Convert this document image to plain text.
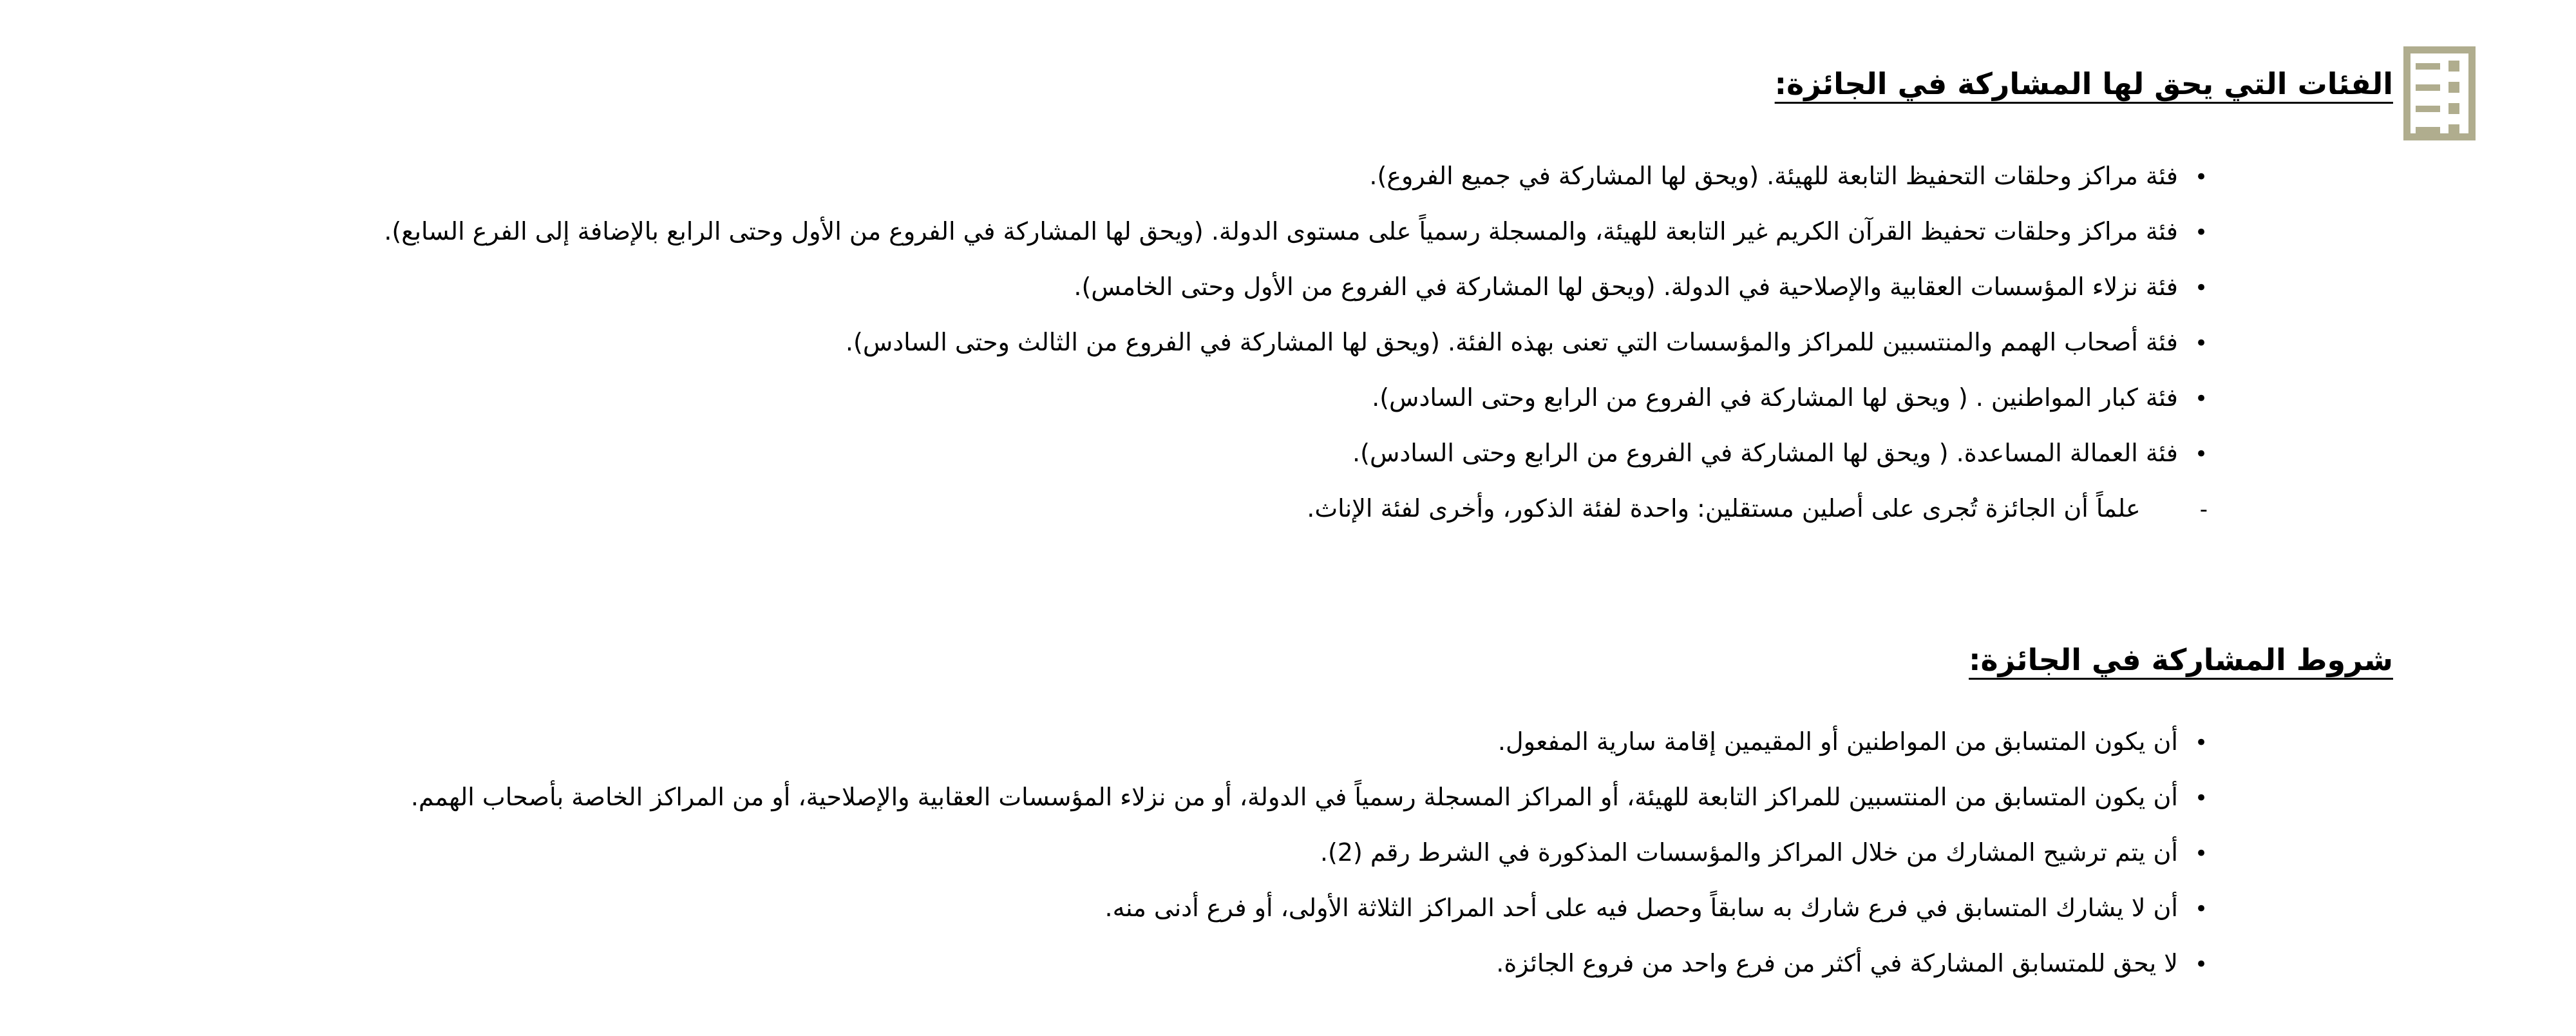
الفئات التي يحق لها المشاركة في الجائزة:
•
فئة مراكز وحلقات التحفيظ التابعة للهيئة. (ويحق لها المشاركة في جميع الفروع).
•
فئة مراكز وحلقات تحفيظ القرآن الكريم غير التابعة للهيئة، والمسجلة رسمياً على مستوى الدولة. (ويحق لها المشاركة في الفروع من الأول وحتى الرابع بالإضافة إلى الفرع السابع).
•
فئة نزلاء المؤسسات العقابية والإصلاحية في الدولة. (ويحق لها المشاركة في الفروع من الأول وحتى الخامس).
•
فئة أصحاب الهمم والمنتسبين للمراكز والمؤسسات التي تعنى بهذه الفئة. (ويحق لها المشاركة في الفروع من الثالث وحتى السادس).
•
فئة كبار المواطنين . ( ويحق لها المشاركة في الفروع من الرابع وحتى السادس).
•
فئة العمالة المساعدة. ( ويحق لها المشاركة في الفروع من الرابع وحتى السادس).
-
علماً أن الجائزة تُجرى على أصلين مستقلين: واحدة لفئة الذكور، وأخرى لفئة الإناث.
شروط المشاركة في الجائزة:
•
أن يكون المتسابق من المواطنين أو المقيمين إقامة سارية المفعول.
•
أن يكون المتسابق من المنتسبين للمراكز التابعة للهيئة، أو المراكز المسجلة رسمياً في الدولة، أو من نزلاء المؤسسات العقابية والإصلاحية، أو من المراكز الخاصة بأصحاب الهمم.
•
أن يتم ترشيح المشارك من خلال المراكز والمؤسسات المذكورة في الشرط رقم (2).
•
أن لا يشارك المتسابق في فرع شارك به سابقاً وحصل فيه على أحد المراكز الثلاثة الأولى، أو فرع أدنى منه.
•
لا يحق للمتسابق المشاركة في أكثر من فرع واحد من فروع الجائزة.
